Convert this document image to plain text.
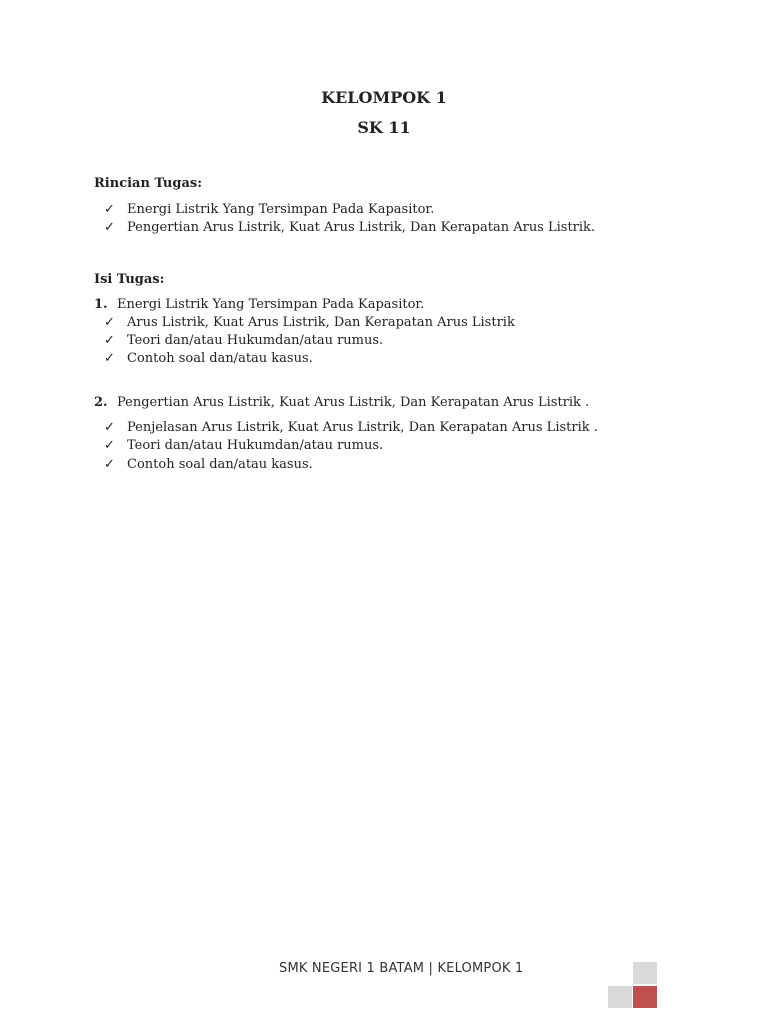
KELOMPOK 1
SK 11
Rincian Tugas:
✓ Energi Listrik Yang Tersimpan Pada Kapasitor.
✓ Pengertian Arus Listrik, Kuat Arus Listrik, Dan Kerapatan Arus Listrik.
Isi Tugas:
1. Energi Listrik Yang Tersimpan Pada Kapasitor.
✓ Arus Listrik, Kuat Arus Listrik, Dan Kerapatan Arus Listrik
✓ Teori dan/atau Hukumdan/atau rumus.
✓ Contoh soal dan/atau kasus.
2. Pengertian Arus Listrik, Kuat Arus Listrik, Dan Kerapatan Arus Listrik .
✓ Penjelasan Arus Listrik, Kuat Arus Listrik, Dan Kerapatan Arus Listrik .
✓ Teori dan/atau Hukumdan/atau rumus.
✓ Contoh soal dan/atau kasus.
SMK NEGERI 1 BATAM | KELOMPOK 1
